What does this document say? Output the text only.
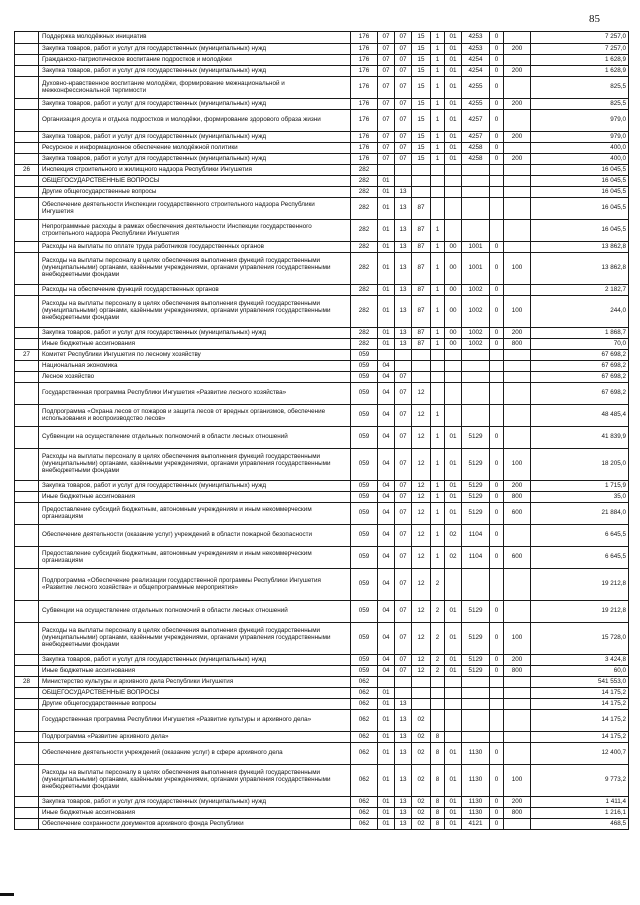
85
	Поддержка молодёжных инициатив	176	07	07	15	1	01	4253	0		7 257,0
	Закупка товаров, работ и услуг для государственных (муниципальных) нужд	176	07	07	15	1	01	4253	0	200	7 257,0
	Гражданско-патриотическое воспитание подростков и молодёжи	176	07	07	15	1	01	4254	0		1 628,9
	Закупка товаров, работ и услуг для государственных (муниципальных) нужд	176	07	07	15	1	01	4254	0	200	1 628,9
	Духовно-нравственное воспитание молодёжи, формирование межнациональной и межконфессиональной терпимости	176	07	07	15	1	01	4255	0		825,5
	Закупка товаров, работ и услуг для государственных (муниципальных) нужд	176	07	07	15	1	01	4255	0	200	825,5
	Организация досуга и отдыха подростков и молодёжи, формирование здорового образа жизни	176	07	07	15	1	01	4257	0		979,0
	Закупка товаров, работ и услуг для государственных (муниципальных) нужд	176	07	07	15	1	01	4257	0	200	979,0
	Ресурсное и информационное обеспечение молодёжной политики	176	07	07	15	1	01	4258	0		400,0
	Закупка товаров, работ и услуг для государственных (муниципальных) нужд	176	07	07	15	1	01	4258	0	200	400,0
26	Инспекция строительного и жилищного надзора Республики Ингушетия	282									16 045,5
	ОБЩЕГОСУДАРСТВЕННЫЕ ВОПРОСЫ	282	01								16 045,5
	Другие общегосударственные вопросы	282	01	13							16 045,5
	Обеспечение деятельности Инспекции государственного строительного надзора Республики Ингушетия	282	01	13	87						16 045,5
	Непрограммные расходы в рамках обеспечения деятельности Инспекции государственного строительного надзора Республики Ингушетия	282	01	13	87	1					16 045,5
	Расходы на выплаты по оплате труда работников государственных органов	282	01	13	87	1	00	1001	0		13 862,8
	Расходы на выплаты персоналу в целях обеспечения выполнения функций государственными (муниципальными) органами, казёнными учреждениями, органами управления государственными внебюджетными фондами	282	01	13	87	1	00	1001	0	100	13 862,8
	Расходы на обеспечение функций государственных органов	282	01	13	87	1	00	1002	0		2 182,7
	Расходы на выплаты персоналу в целях обеспечения выполнения функций государственными (муниципальными) органами, казёнными учреждениями, органами управления государственными внебюджетными фондами	282	01	13	87	1	00	1002	0	100	244,0
	Закупка товаров, работ и услуг для государственных (муниципальных) нужд	282	01	13	87	1	00	1002	0	200	1 868,7
	Иные бюджетные ассигнования	282	01	13	87	1	00	1002	0	800	70,0
27	Комитет Республики Ингушетия по лесному хозяйству	059									67 698,2
	Национальная экономика	059	04								67 698,2
	Лесное хозяйство	059	04	07							67 698,2
	Государственная программа Республики Ингушетия «Развитие лесного хозяйства»	059	04	07	12						67 698,2
	Подпрограмма «Охрана лесов от пожаров и защита лесов от вредных организмов, обеспечение использования и воспроизводство лесов»	059	04	07	12	1					48 485,4
	Субвенции на осуществление отдельных полномочий в области лесных отношений	059	04	07	12	1	01	5129	0		41 839,9
	Расходы на выплаты персоналу в целях обеспечения выполнения функций государственными (муниципальными) органами, казёнными учреждениями, органами управления государственными внебюджетными фондами	059	04	07	12	1	01	5129	0	100	18 205,0
	Закупка товаров, работ и услуг для государственных (муниципальных) нужд	059	04	07	12	1	01	5129	0	200	1 715,9
	Иные бюджетные ассигнования	059	04	07	12	1	01	5129	0	800	35,0
	Предоставление субсидий бюджетным, автономным учреждениям и иным некоммерческим организациям	059	04	07	12	1	01	5129	0	600	21 884,0
	Обеспечение деятельности (оказание услуг) учреждений в области пожарной безопасности	059	04	07	12	1	02	1104	0		6 645,5
	Предоставление субсидий бюджетным, автономным учреждениям и иным некоммерческим организациям	059	04	07	12	1	02	1104	0	600	6 645,5
	Подпрограмма «Обеспечение реализации государственной программы Республики Ингушетия «Развитие лесного хозяйства» и общепрограммные мероприятия»	059	04	07	12	2					19 212,8
	Субвенции на осуществление отдельных полномочий в области лесных отношений	059	04	07	12	2	01	5129	0		19 212,8
	Расходы на выплаты персоналу в целях обеспечения выполнения функций государственными (муниципальными) органами, казёнными учреждениями, органами управления государственными внебюджетными фондами	059	04	07	12	2	01	5129	0	100	15 728,0
	Закупка товаров, работ и услуг для государственных (муниципальных) нужд	059	04	07	12	2	01	5129	0	200	3 424,8
	Иные бюджетные ассигнования	059	04	07	12	2	01	5129	0	800	60,0
28	Министерство культуры и архивного дела Республики Ингушетия	062									541 553,0
	ОБЩЕГОСУДАРСТВЕННЫЕ ВОПРОСЫ	062	01								14 175,2
	Другие общегосударственные вопросы	062	01	13							14 175,2
	Государственная программа Республики Ингушетия «Развитие культуры и архивного дела»	062	01	13	02						14 175,2
	Подпрограмма «Развитие архивного дела»	062	01	13	02	8					14 175,2
	Обеспечение деятельности учреждений (оказание услуг) в сфере архивного дела	062	01	13	02	8	01	1130	0		12 400,7
	Расходы на выплаты персоналу в целях обеспечения выполнения функций государственными (муниципальными) органами, казёнными учреждениями, органами управления государственными внебюджетными фондами	062	01	13	02	8	01	1130	0	100	9 773,2
	Закупка товаров, работ и услуг для государственных (муниципальных) нужд	062	01	13	02	8	01	1130	0	200	1 411,4
	Иные бюджетные ассигнования	062	01	13	02	8	01	1130	0	800	1 216,1
	Обеспечение сохранности документов архивного фонда Республики	062	01	13	02	8	01	4121	0		468,5
